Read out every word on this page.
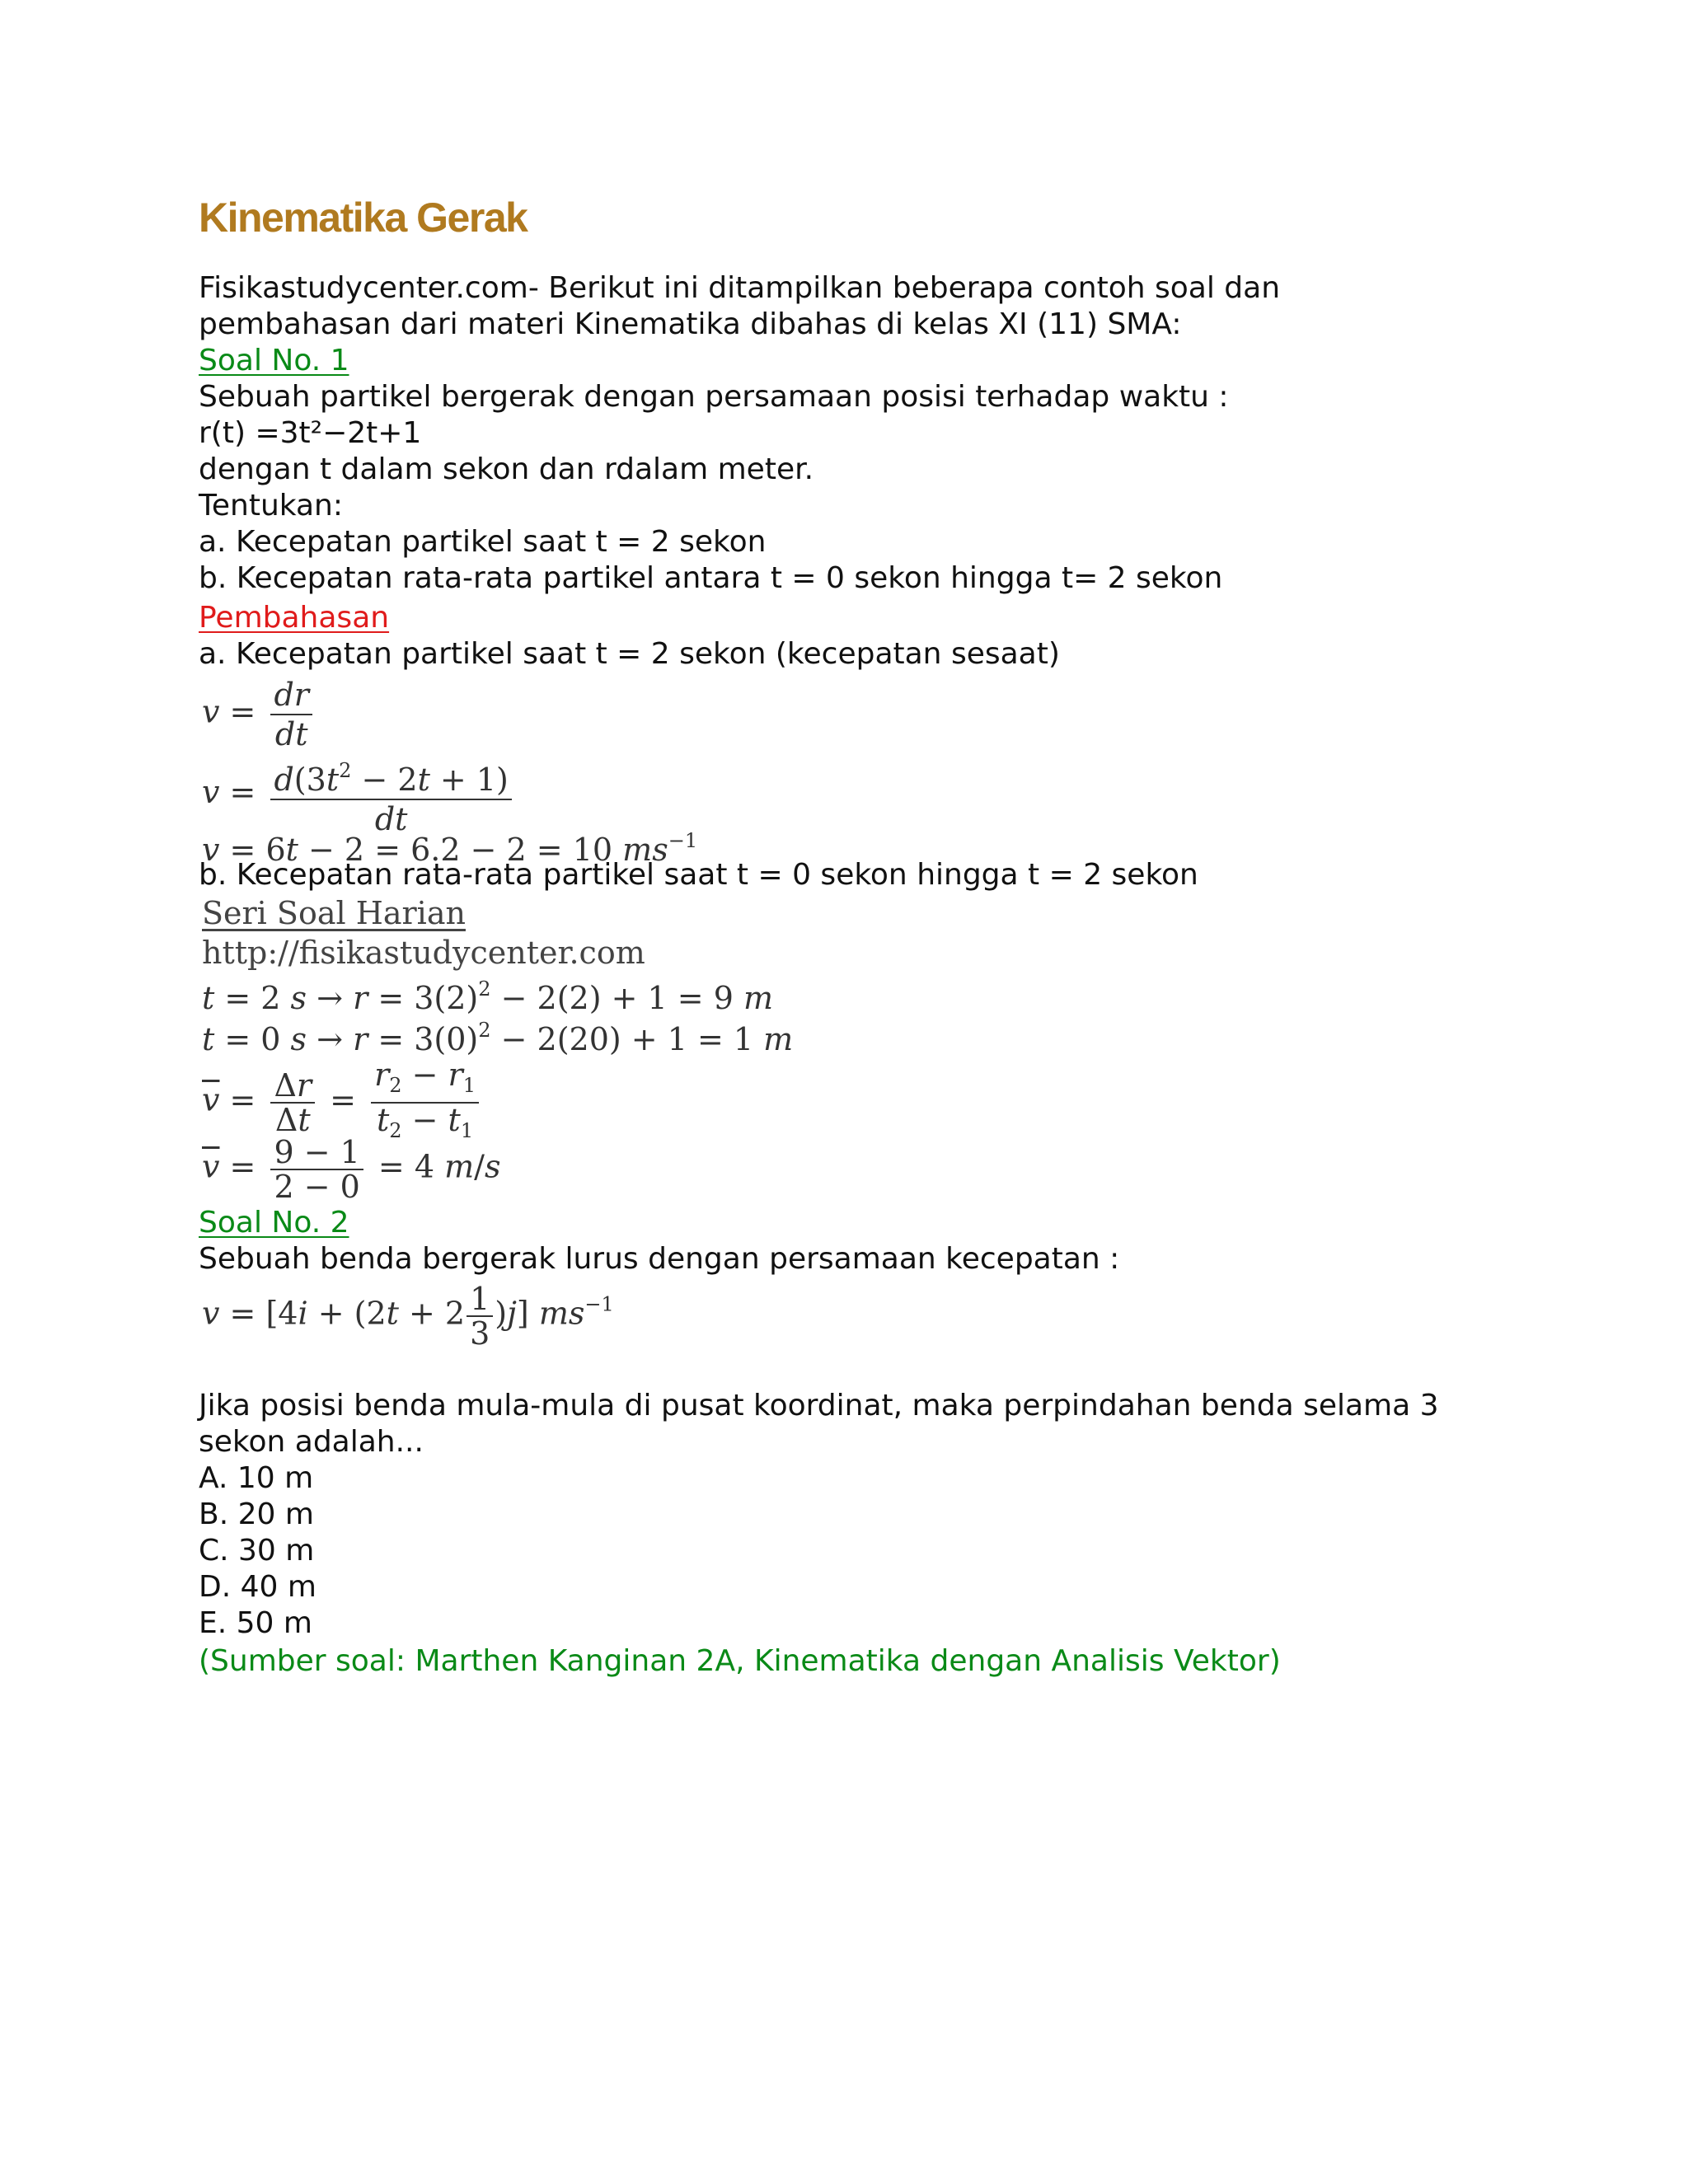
Kinematika Gerak
Fisikastudycenter.com- Berikut ini ditampilkan beberapa contoh soal dan
pembahasan dari materi Kinematika dibahas di kelas XI (11) SMA:
Soal No. 1
Sebuah partikel bergerak dengan persamaan posisi terhadap waktu :
r(t) =3t²−2t+1
dengan t dalam sekon dan rdalam meter.
Tentukan:
a. Kecepatan partikel saat t = 2 sekon
b. Kecepatan rata-rata partikel antara t = 0 sekon hingga t= 2 sekon
Pembahasan
a. Kecepatan partikel saat t = 2 sekon (kecepatan sesaat)
$v = \frac{dr}{dt}$
$v = \frac{d(3t^2 - 2t + 1)}{dt}$
v = 6t − 2 = 6.2 − 2 = 10 $ms^{-1}$
b. Kecepatan rata-rata partikel saat t = 0 sekon hingga t = 2 sekon
Seri Soal Harian
http://fisikastudycenter.com
t = 2 $s \to r = 3(2)^2 - 2(2) + 1 = 9$ m
t = 0 $s \to r = 3(0)^2 - 2(20) + 1 = 1$ m
$\overline{v} = \frac{\Delta r}{\Delta t} = \frac{r_2 - r_1}{t_2 - t_1}$
$\overline{v} = \frac{9 - 1}{2 - 0} = 4$ m/s
Soal No. 2
Sebuah benda bergerak lurus dengan persamaan kecepatan :
$v = [4i + (2t + 2 \frac{1}{3} )j]$ $ms^{-1}$
Jika posisi benda mula-mula di pusat koordinat, maka perpindahan benda selama 3
sekon adalah...
A. 10 m
B. 20 m
C. 30 m
D. 40 m
E. 50 m
(Sumber soal: Marthen Kanginan 2A, Kinematika dengan Analisis Vektor)
